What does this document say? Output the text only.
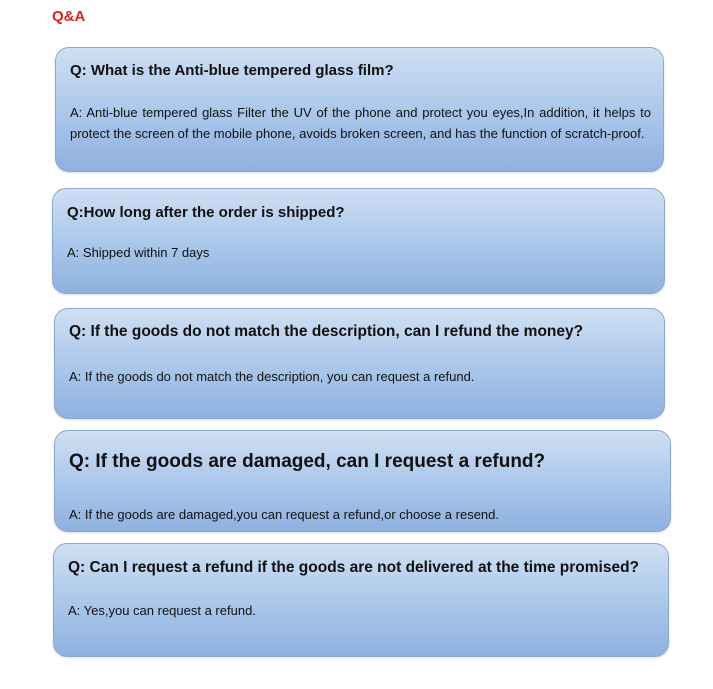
Q&A
Q: What is the Anti-blue tempered glass film?
A: Anti-blue tempered glass Filter the UV of the phone and protect you eyes,In addition, it helps to protect the screen of the mobile phone, avoids broken screen, and has the function of scratch-proof.
Q:How long after the order is shipped?
A: Shipped within 7 days
Q: If the goods do not match the description, can I refund the money?
A: If the goods do not match the description, you can request a refund.
Q: If the goods are damaged, can I request a refund?
A: If the goods are damaged,you can request a refund,or choose a resend.
Q: Can I request a refund if the goods are not delivered at the time promised?
A: Yes,you can request a refund.
